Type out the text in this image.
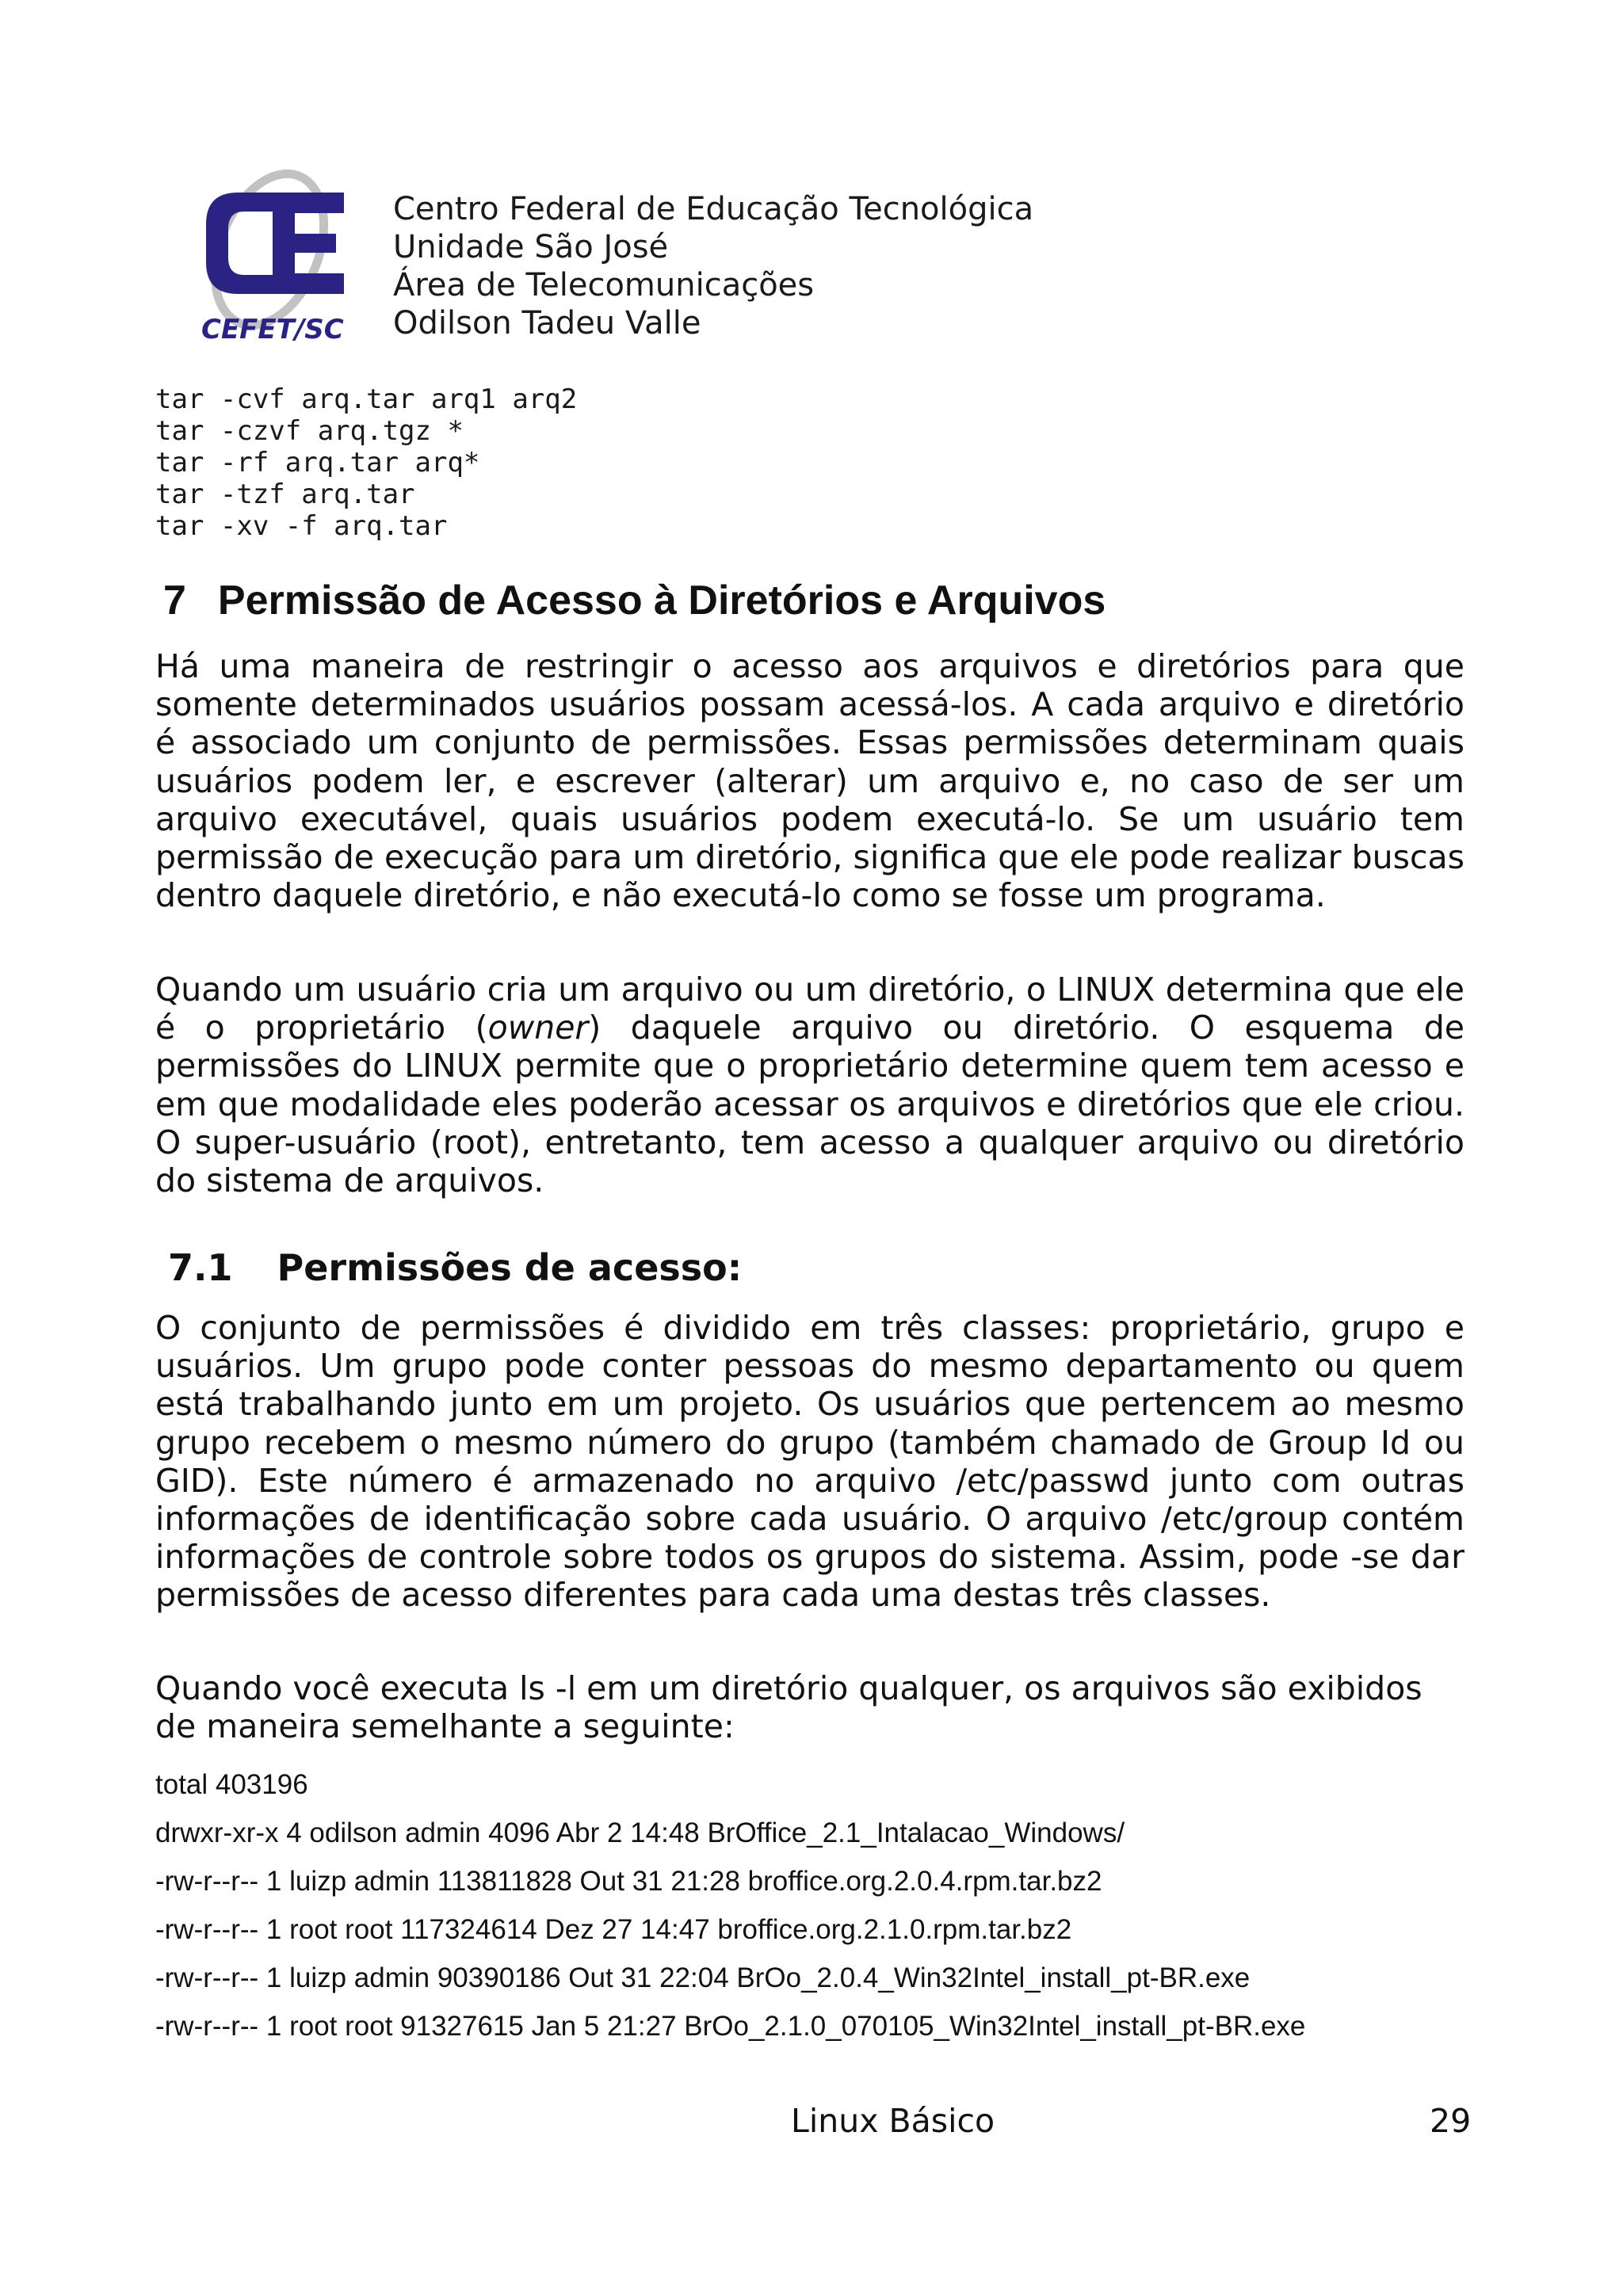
CEFET/SC
Centro Federal de Educação Tecnológica
Unidade São José
Área de Telecomunicações
Odilson Tadeu Valle
tar -cvf arq.tar arq1 arq2
tar -czvf arq.tgz *
tar -rf arq.tar arq*
tar -tzf arq.tar
tar -xv -f arq.tar
7 Permissão de Acesso à Diretórios e Arquivos

Há uma maneira de restringir o acesso aos arquivos e diretórios para que somente determinados usuários possam acessá-los. A cada arquivo e diretório é associado um conjunto de permissões. Essas permissões determinam quais usuários podem ler, e escrever (alterar) um arquivo e, no caso de ser um arquivo executável, quais usuários podem executá-lo. Se um usuário tem permissão de execução para um diretório, significa que ele pode realizar buscas dentro daquele diretório, e não executá-lo como se fosse um programa.

Quando um usuário cria um arquivo ou um diretório, o LINUX determina que ele é o proprietário (owner) daquele arquivo ou diretório. O esquema de permissões do LINUX permite que o proprietário determine quem tem acesso e em que modalidade eles poderão acessar os arquivos e diretórios que ele criou. O super-usuário (root), entretanto, tem acesso a qualquer arquivo ou diretório do sistema de arquivos.

7.1 Permissões de acesso:

O conjunto de permissões é dividido em três classes: proprietário, grupo e usuários. Um grupo pode conter pessoas do mesmo departamento ou quem está trabalhando junto em um projeto. Os usuários que pertencem ao mesmo grupo recebem o mesmo número do grupo (também chamado de Group Id ou GID). Este número é armazenado no arquivo /etc/passwd junto com outras informações de identificação sobre cada usuário. O arquivo /etc/group contém informações de controle sobre todos os grupos do sistema. Assim, pode -se dar permissões de acesso diferentes para cada uma destas três classes.

Quando você executa ls -l em um diretório qualquer, os arquivos são exibidos de maneira semelhante a seguinte:

total 403196
drwxr-xr-x 4 odilson admin 4096 Abr 2 14:48 BrOffice_2.1_Intalacao_Windows/
-rw-r--r-- 1 luizp admin 113811828 Out 31 21:28 broffice.org.2.0.4.rpm.tar.bz2
-rw-r--r-- 1 root root 117324614 Dez 27 14:47 broffice.org.2.1.0.rpm.tar.bz2
-rw-r--r-- 1 luizp admin 90390186 Out 31 22:04 BrOo_2.0.4_Win32Intel_install_pt-BR.exe
-rw-r--r-- 1 root root 91327615 Jan 5 21:27 BrOo_2.1.0_070105_Win32Intel_install_pt-BR.exe
Linux Básico	29
